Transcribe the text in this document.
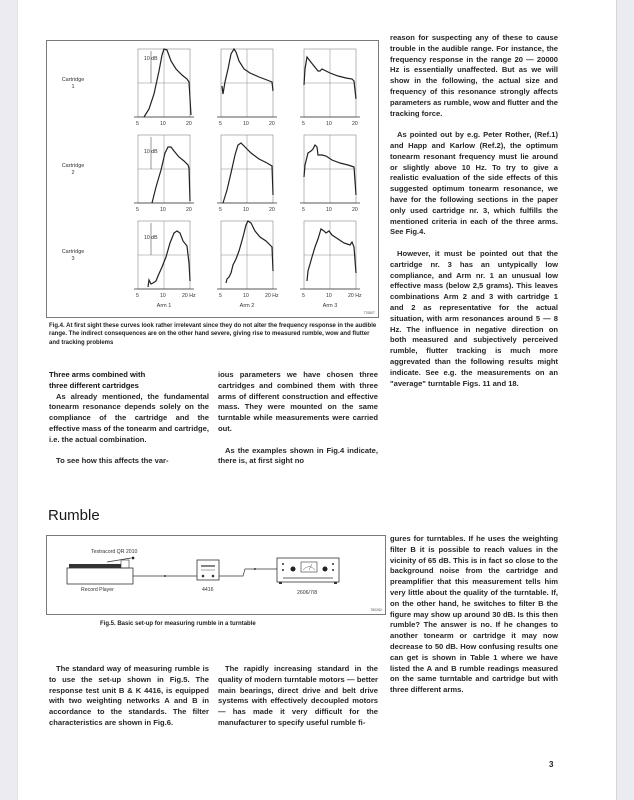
Cartridge
1
Cartridge
2
Cartridge
3
10 dB
5	10	20	5	10	20	5	10	20
10 dB
5	10	20	5	10	20	5	10	20
10 dB
5	10	20 Hz	5	10	20 Hz	5	10	20 Hz
Arm 1	Arm 2	Arm 3
770807
Fig.4. At first sight these curves look rather irrelevant since they do not alter the frequency response in the audible range. The indirect consequences are on the other hand severe, giving rise to measured rumble, wow and flutter and tracking problems

reason for suspecting any of these to cause trouble in the audible range. For instance, the frequency response in the range 20 — 20000 Hz is essentially unaffected. But as we will show in the following, the actual size and frequency of this resonance strongly affects parameters as rumble, wow and flutter and the tracking force.

As pointed out by e.g. Peter Rother, (Ref.1) and Happ and Karlow (Ref.2), the optimum tonearm resonant frequency must lie around or slightly above 10 Hz. To try to give a realistic evaluation of the side effects of this suggested optimum tonearm resonance, we have for the following sections in the paper only used cartridge nr. 3, which fulfills the mentioned criteria in each of the three arms. See Fig.4.

However, it must be pointed out that the cartridge nr. 3 has an untypically low compliance, and Arm nr. 1 an unusual low effective mass (below 2,5 grams). This leaves combinations Arm 2 and 3 with cartridge 1 and 2 as representative for the actual situation, with arm resonances around 5 — 8 Hz. The influence in negative direction on both measured and subjectively perceived rumble, flutter tracking is much more aggrevated than the following results might indicate. See e.g. the measurements on an "average" turntable Figs. 11 and 18.

Three arms combined with
three different cartridges

As already mentioned, the fundamental tonearm resonance depends solely on the compliance of the cartridge and the effective mass of the tonearm and cartridge, i.e. the actual combination.

To see how this affects the var-

ious parameters we have chosen three cartridges and combined them with three arms of different construction and effective mass. They were mounted on the same turntable while measurements were carried out.

As the examples shown in Fig.4 indicate, there is, at first sight no

Rumble
Testracord QR 2010
Record Player	4416	2606/7/8
780262
Fig.5. Basic set-up for measuring rumble in a turntable

The standard way of measuring rumble is to use the set-up shown in Fig.5. The response test unit B & K 4416, is equipped with two weighting networks A and B in accordance to the standards. The filter characteristics are shown in Fig.6.

The rapidly increasing standard in the quality of modern turntable motors — better main bearings, direct drive and belt drive systems with effectively decoupled motors — has made it very difficult for the manufacturer to specify useful rumble fi-

gures for turntables. If he uses the weighting filter B it is possible to reach values in the vicinity of 65 dB. This is in fact so close to the background noise from the cartridge and preamplifier that this measurement tells him very little about the quality of the turntable. If, on the other hand, he switches to filter B the figure may show up around 30 dB. Is this then rumble? The answer is no. If he changes to another tonearm or cartridge it may now decrease to 50 dB. How confusing results one can get is shown in Table 1 where we have listed the A and B rumble readings measured on the same turntable and cartridge but with three different arms.

3
